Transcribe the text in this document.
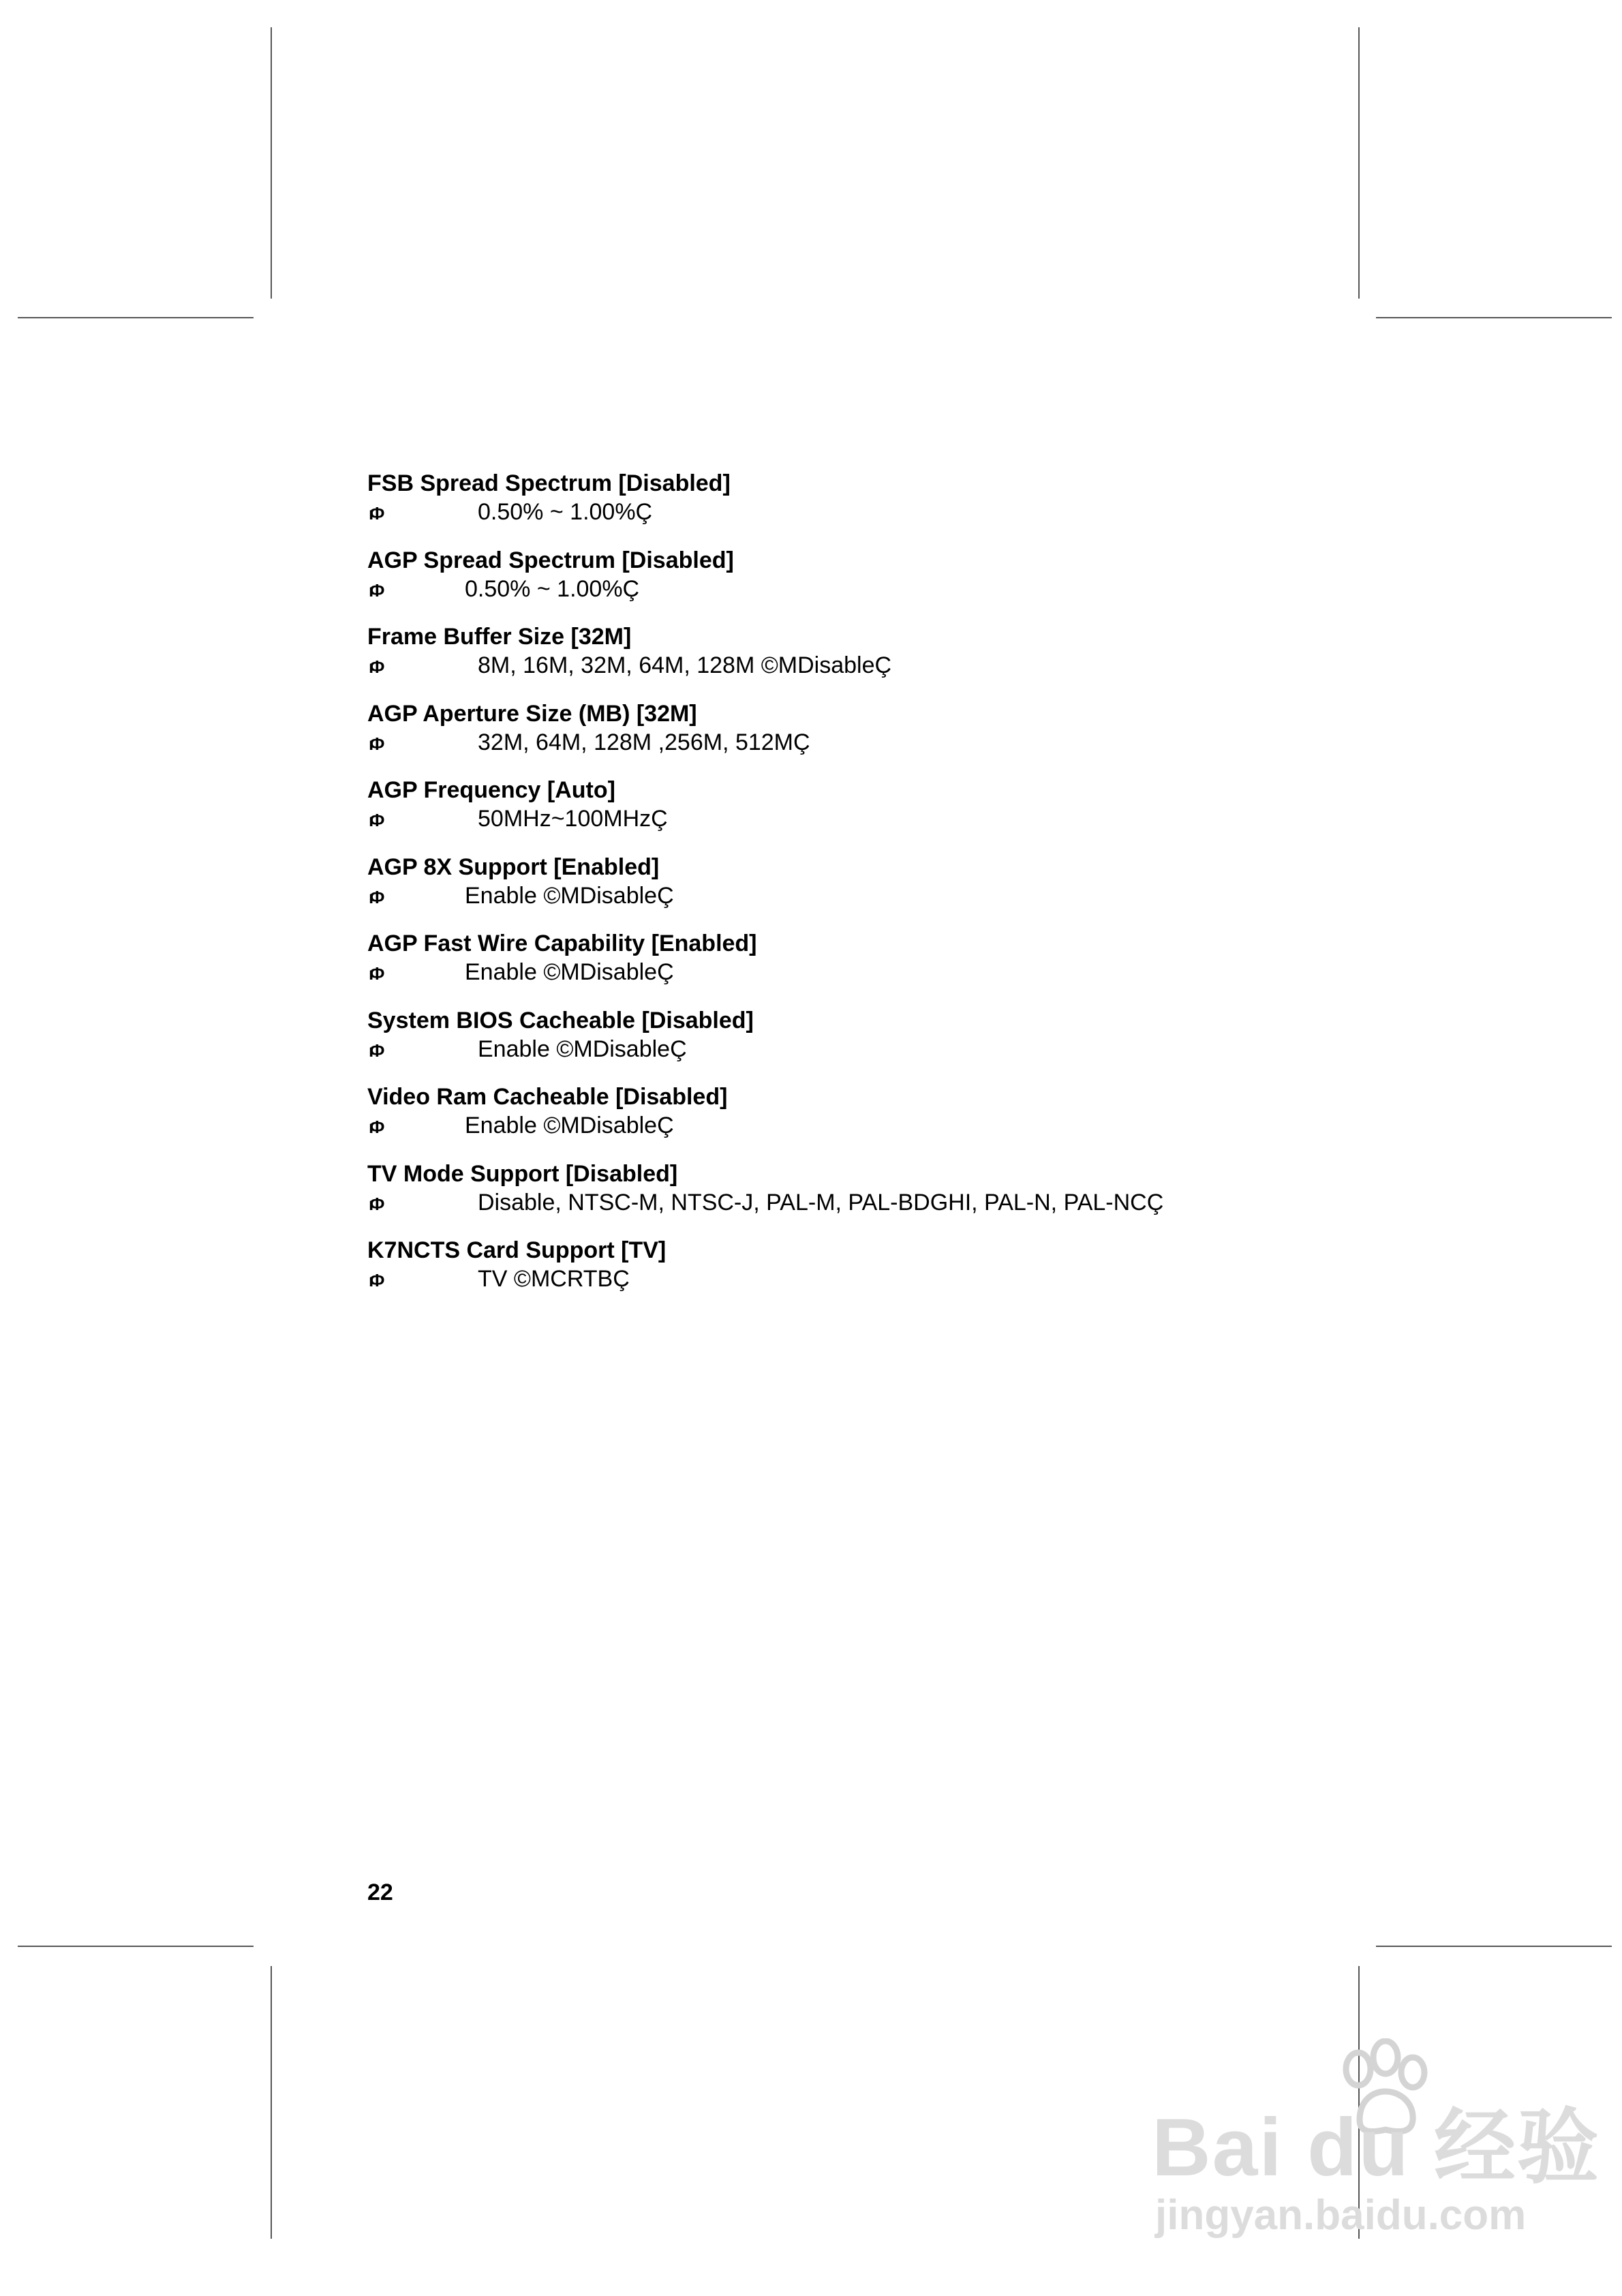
FSB Spread Spectrum [Disabled]
ıФ	0.50% ~ 1.00%Ç
AGP Spread Spectrum [Disabled]
ıФ	0.50% ~ 1.00%Ç
Frame Buffer Size [32M]
ıФ	8M, 16M, 32M, 64M, 128M ©MDisableÇ
AGP Aperture Size (MB) [32M]
ıФ	32M, 64M, 128M ,256M, 512MÇ
AGP Frequency [Auto]
ıФ	50MHz~100MHzÇ
AGP 8X Support [Enabled]
ıФ	Enable ©MDisableÇ
AGP Fast Wire Capability [Enabled]
ıФ	Enable ©MDisableÇ
System BIOS Cacheable [Disabled]
ıФ	Enable ©MDisableÇ
Video Ram Cacheable [Disabled]
ıФ	Enable ©MDisableÇ
TV Mode Support [Disabled]
ıФ	Disable, NTSC-M, NTSC-J, PAL-M, PAL-BDGHI, PAL-N, PAL-NCÇ
K7NCTS Card Support [TV]
ıФ	TV ©MCRTBÇ
22
Bai du 经验
jingyan.baidu.com
